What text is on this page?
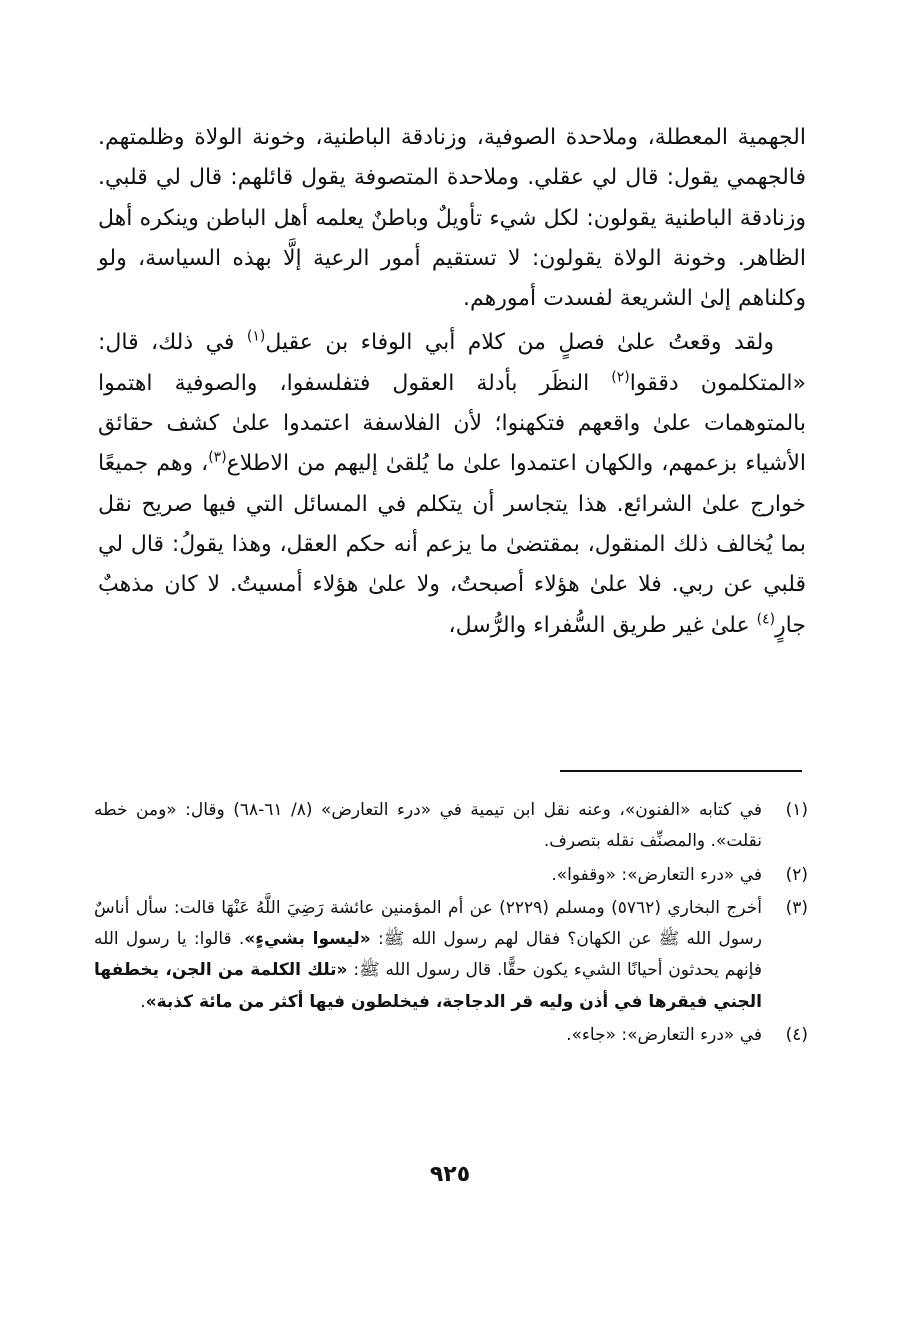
الجهمية المعطلة، وملاحدة الصوفية، وزنادقة الباطنية، وخونة الولاة وظلمتهم. فالجهمي يقول: قال لي عقلي. وملاحدة المتصوفة يقول قائلهم: قال لي قلبي. وزنادقة الباطنية يقولون: لكل شيء تأويلٌ وباطنٌ يعلمه أهل الباطن وينكره أهل الظاهر. وخونة الولاة يقولون: لا تستقيم أمور الرعية إلَّا بهذه السياسة، ولو وكلناهم إلىٰ الشريعة لفسدت أمورهم.

ولقد وقعتُ علىٰ فصلٍ من كلام أبي الوفاء بن عقيل$^{(١)}$ في ذلك، قال: «المتكلمون دققوا$^{(٢)}$ النظَر بأدلة العقول فتفلسفوا، والصوفية اهتموا بالمتوهمات علىٰ واقعهم فتكهنوا؛ لأن الفلاسفة اعتمدوا علىٰ كشف حقائق الأشياء بزعمهم، والكهان اعتمدوا علىٰ ما يُلقىٰ إليهم من الاطلاع$^{(٣)}$، وهم جميعًا خوارج علىٰ الشرائع. هذا يتجاسر أن يتكلم في المسائل التي فيها صريح نقل بما يُخالف ذلك المنقول، بمقتضىٰ ما يزعم أنه حكم العقل، وهذا يقولُ: قال لي قلبي عن ربي. فلا علىٰ هؤلاء أصبحتُ، ولا علىٰ هؤلاء أمسيتُ. لا كان مذهبٌ جارٍ$^{(٤)}$ علىٰ غير طريق السُّفراء والرُّسل،

(١)
في كتابه «الفنون»، وعنه نقل ابن تيمية في «درء التعارض» (٨/ ٦١-٦٨) وقال: «ومن خطه نقلت». والمصنِّف نقله بتصرف.
(٢)
في «درء التعارض»: «وقفوا».
(٣)
أخرج البخاري (٥٧٦٢) ومسلم (٢٢٢٩) عن أم المؤمنين عائشة رَضِيَ اللَّهُ عَنْهَا قالت: سأل أناسٌ رسول الله ﷺ عن الكهان؟ فقال لهم رسول الله ﷺ: «ليسوا بشيءٍ». قالوا: يا رسول الله فإنهم يحدثون أحيانًا الشيء يكون حقًّا. قال رسول الله ﷺ: «تلك الكلمة من الجن، يخطفها الجني فيقرها في أذن وليه قر الدجاجة، فيخلطون فيها أكثر من مائة كذبة».
(٤)
في «درء التعارض»: «جاء».
٩٢٥
